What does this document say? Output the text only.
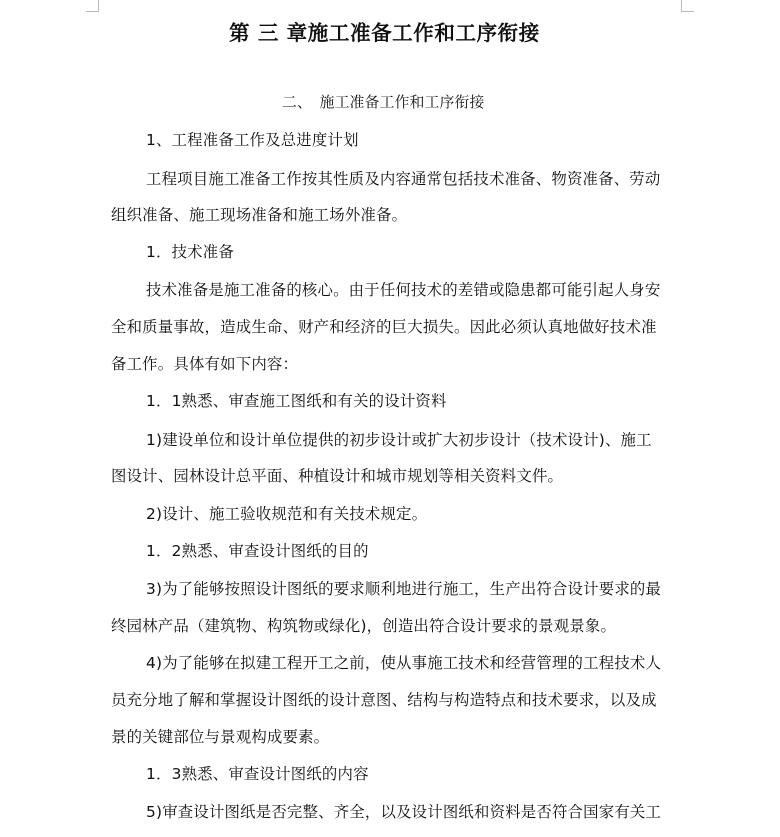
第 三 章施工准备工作和工序衔接
二、　施工准备工作和工序衔接
1、工程准备工作及总进度计划
工程项目施工准备工作按其性质及内容通常包括技术准备、物资准备、劳动
组织准备、施工现场准备和施工场外准备。
1．技术准备
技术准备是施工准备的核心。由于任何技术的差错或隐患都可能引起人身安
全和质量事故，造成生命、财产和经济的巨大损失。因此必须认真地做好技术准
备工作。具体有如下内容：
1．1熟悉、审查施工图纸和有关的设计资料
1)建设单位和设计单位提供的初步设计或扩大初步设计（技术设计)、施工
图设计、园林设计总平面、种植设计和城市规划等相关资料文件。
2)设计、施工验收规范和有关技术规定。
1．2熟悉、审查设计图纸的目的
3)为了能够按照设计图纸的要求顺利地进行施工，生产出符合设计要求的最
终园林产品（建筑物、构筑物或绿化)，创造出符合设计要求的景观景象。
4)为了能够在拟建工程开工之前，使从事施工技术和经营管理的工程技术人
员充分地了解和掌握设计图纸的设计意图、结构与构造特点和技术要求，以及成
景的关键部位与景观构成要素。
1．3熟悉、审查设计图纸的内容
5)审查设计图纸是否完整、齐全，以及设计图纸和资料是否符合国家有关工
